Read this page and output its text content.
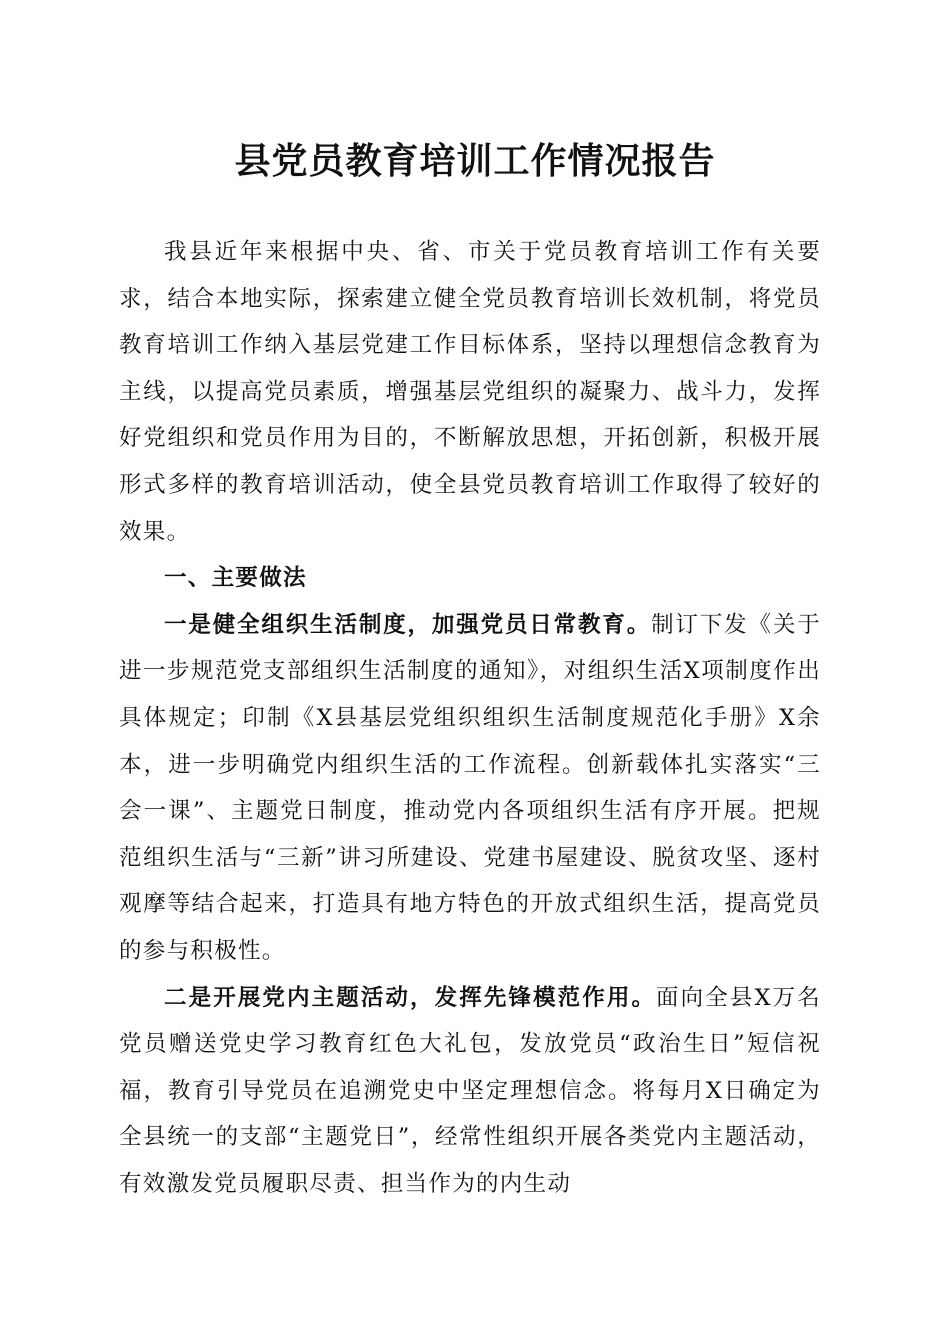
县党员教育培训工作情况报告

我县近年来根据中央、省、市关于党员教育培训工作有关要求，结合本地实际，探索建立健全党员教育培训长效机制，将党员教育培训工作纳入基层党建工作目标体系，坚持以理想信念教育为主线，以提高党员素质，增强基层党组织的凝聚力、战斗力，发挥好党组织和党员作用为目的，不断解放思想，开拓创新，积极开展形式多样的教育培训活动，使全县党员教育培训工作取得了较好的效果。

一、主要做法

一是健全组织生活制度，加强党员日常教育。制订下发《关于进一步规范党支部组织生活制度的通知》，对组织生活X项制度作出具体规定；印制《X县基层党组织组织生活制度规范化手册》X余本，进一步明确党内组织生活的工作流程。创新载体扎实落实“三会一课”、主题党日制度，推动党内各项组织生活有序开展。把规范组织生活与“三新”讲习所建设、党建书屋建设、脱贫攻坚、逐村观摩等结合起来，打造具有地方特色的开放式组织生活，提高党员的参与积极性。

二是开展党内主题活动，发挥先锋模范作用。面向全县X万名党员赠送党史学习教育红色大礼包，发放党员“政治生日”短信祝福，教育引导党员在追溯党史中坚定理想信念。将每月X日确定为全县统一的支部“主题党日”，经常性组织开展各类党内主题活动，有效激发党员履职尽责、担当作为的内生动
